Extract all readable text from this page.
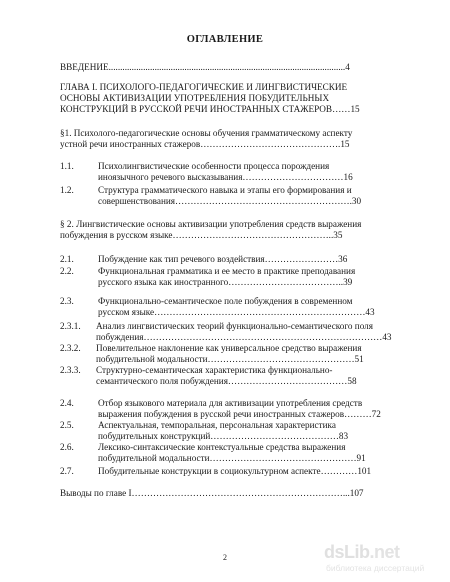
ОГЛАВЛЕНИЕ
ВВЕДЕНИЕ.......................................................................................................4
ГЛАВА I. ПСИХОЛОГО-ПЕДАГОГИЧЕСКИЕ И ЛИНГВИСТИЧЕСКИЕ
ОСНОВЫ АКТИВИЗАЦИИ УПОТРЕБЛЕНИЯ ПОБУДИТЕЛЬНЫХ
КОНСТРУКЦИЙ В РУССКОЙ РЕЧИ ИНОСТРАННЫХ СТАЖЕРОВ……15
§1. Психолого-педагогические основы обучения грамматическому аспекту
устной речи иностранных стажеров……………………………………….15
1.1.	Психолингвистические особенности процесса порождения
иноязычного речевого высказывания……………………………16
1.2.	Структура грамматического навыка и этапы его формирования и
совершенствования………………………………………………….30
§ 2. Лингвистические основы активизации употребления средств выражения
побуждения в русском языке……………………………………………..35
2.1.	Побуждение как тип речевого воздействия……………………36
2.2.	Функциональная грамматика и ее место в практике преподавания
русского языка как иностранного………………………………..39
2.3.	Функционально-семантическое поле побуждения в современном
русском языке……………………………………………………………43
2.3.1. Анализ лингвистических теорий функционально-семантического поля
побуждения……………………………………………………………………43
2.3.2. Повелительное наклонение как универсальное средство выражения
побудительной модальности…………………………………………51
2.3.3. Структурно-семантическая характеристика функционально-
семантического поля побуждения…………………………………58
2.4.	Отбор языкового материала для активизации употребления средств
выражения побуждения в русской речи иностранных стажеров………72
2.5.	Аспектуальная, темпоральная, персональная характеристика
побудительных конструкций……………………………………83
2.6.	Лексико-синтаксические контекстуальные средства выражения
побудительной модальности…………………………………………91
2.7.	Побудительные конструкции в социокультурном аспекте…………101
Выводы по главе I……………………………………………………………...107
2	dsLib.net
библиотека диссертаций
